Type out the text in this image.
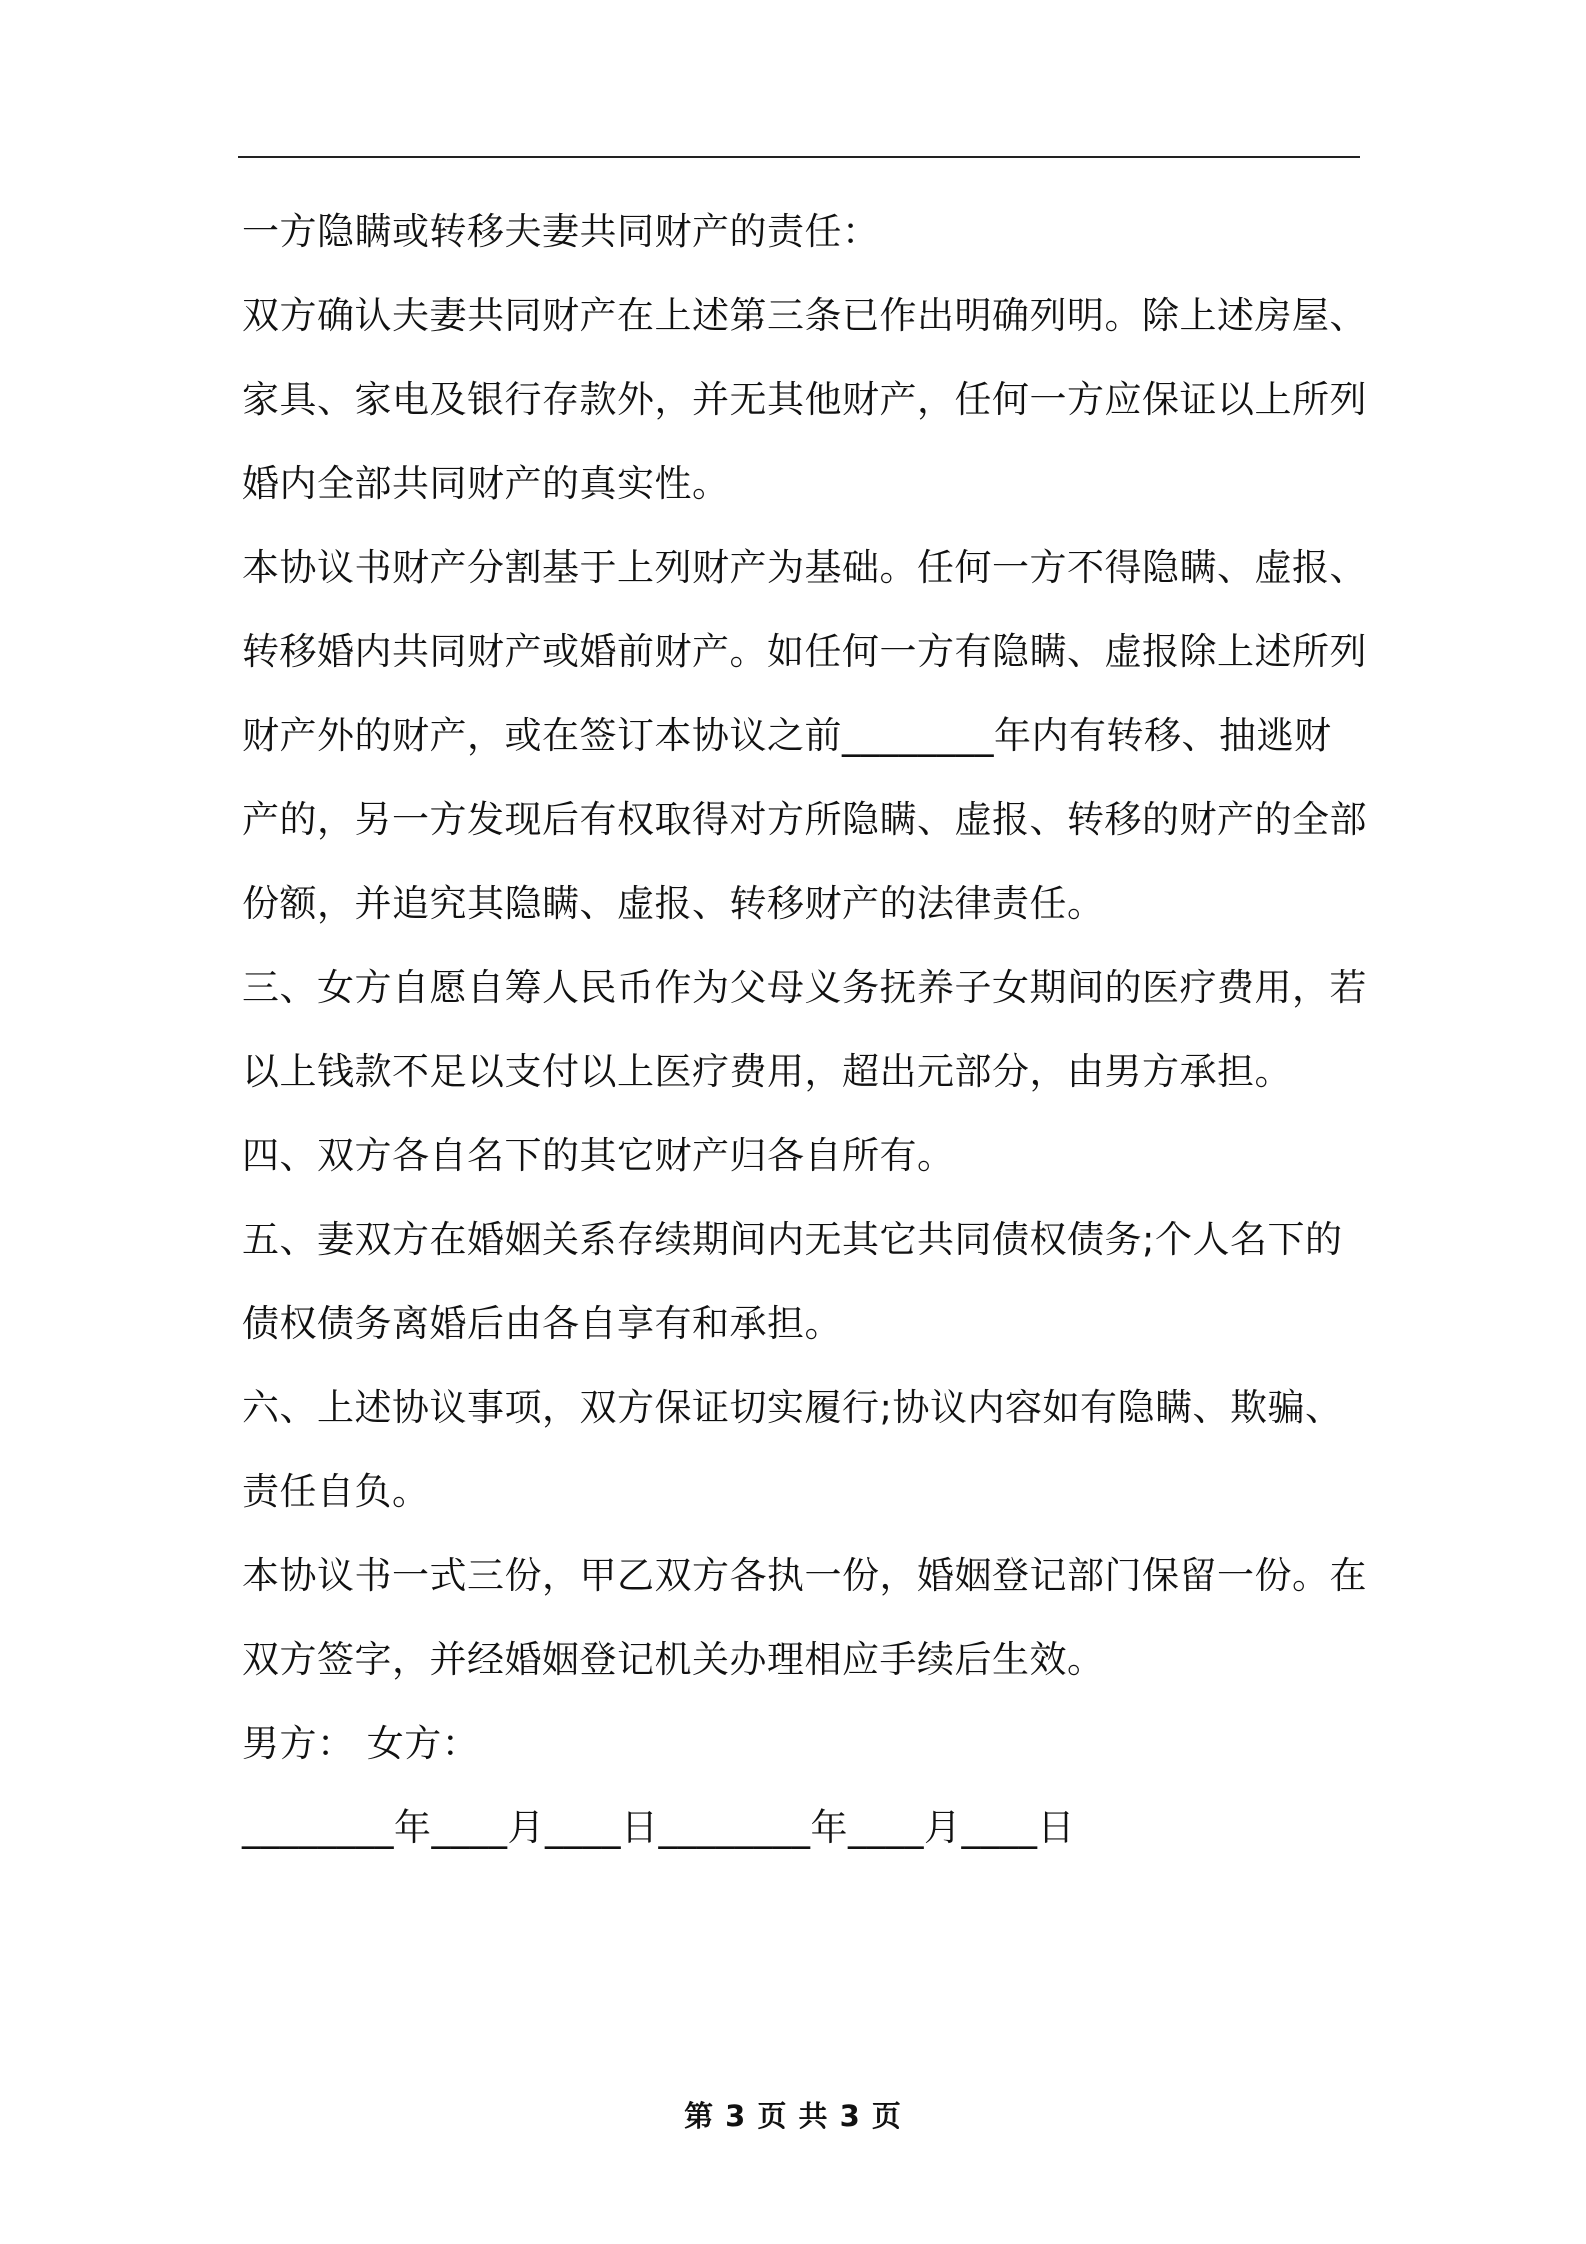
一方隐瞒或转移夫妻共同财产的责任：
双方确认夫妻共同财产在上述第三条已作出明确列明。除上述房屋、
家具、家电及银行存款外，并无其他财产，任何一方应保证以上所列
婚内全部共同财产的真实性。
本协议书财产分割基于上列财产为基础。任何一方不得隐瞒、虚报、
转移婚内共同财产或婚前财产。如任何一方有隐瞒、虚报除上述所列
财产外的财产，或在签订本协议之前________年内有转移、抽逃财
产的，另一方发现后有权取得对方所隐瞒、虚报、转移的财产的全部
份额，并追究其隐瞒、虚报、转移财产的法律责任。
三、女方自愿自筹人民币作为父母义务抚养子女期间的医疗费用，若
以上钱款不足以支付以上医疗费用，超出元部分，由男方承担。
四、双方各自名下的其它财产归各自所有。
五、妻双方在婚姻关系存续期间内无其它共同债权债务;个人名下的
债权债务离婚后由各自享有和承担。
六、上述协议事项，双方保证切实履行;协议内容如有隐瞒、欺骗、
责任自负。
本协议书一式三份，甲乙双方各执一份，婚姻登记部门保留一份。在
双方签字，并经婚姻登记机关办理相应手续后生效。
男方： 女方：
________年____月____日________年____月____日
第 3 页 共 3 页
